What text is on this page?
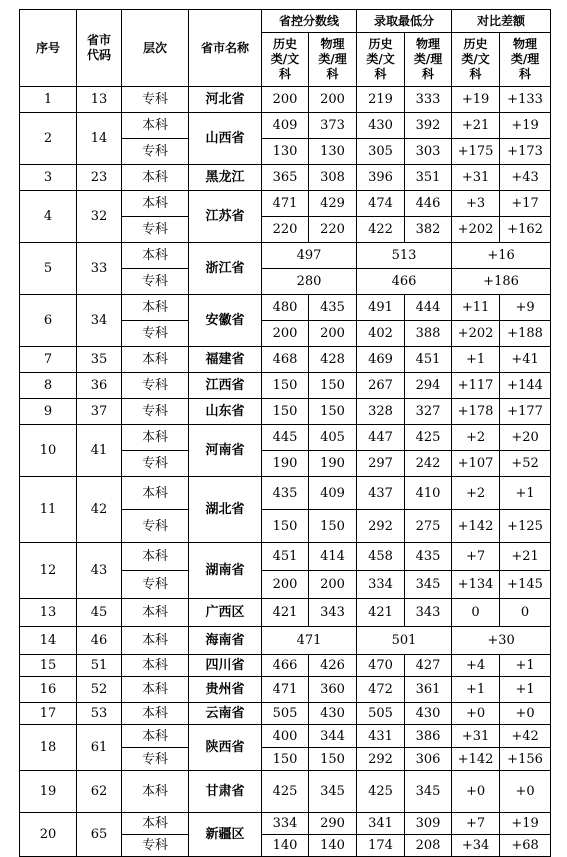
序号	省市代码	层次	省市名称	省控分数线		录取最低分		对比差额	
				历史类/文科	物理类/理科	历史类/文科	物理类/理科	历史类/文科	物理类/理科
1	13	专科	河北省	200	200	219	333	+19	+133
2	14	本科	山西省	409	373	430	392	+21	+19
		专科		130	130	305	303	+175	+173
3	23	本科	黑龙江	365	308	396	351	+31	+43
4	32	本科	江苏省	471	429	474	446	+3	+17
		专科		220	220	422	382	+202	+162
5	33	本科	浙江省	497		513		+16	
		专科		280		466		+186	
6	34	本科	安徽省	480	435	491	444	+11	+9
		专科		200	200	402	388	+202	+188
7	35	本科	福建省	468	428	469	451	+1	+41
8	36	专科	江西省	150	150	267	294	+117	+144
9	37	专科	山东省	150	150	328	327	+178	+177
10	41	本科	河南省	445	405	447	425	+2	+20
		专科		190	190	297	242	+107	+52
11	42	本科	湖北省	435	409	437	410	+2	+1
		专科		150	150	292	275	+142	+125
12	43	本科	湖南省	451	414	458	435	+7	+21
		专科		200	200	334	345	+134	+145
13	45	本科	广西区	421	343	421	343	0	0
14	46	本科	海南省	471		501		+30	
15	51	本科	四川省	466	426	470	427	+4	+1
16	52	本科	贵州省	471	360	472	361	+1	+1
17	53	本科	云南省	505	430	505	430	+0	+0
18	61	本科	陕西省	400	344	431	386	+31	+42
		专科		150	150	292	306	+142	+156
19	62	本科	甘肃省	425	345	425	345	+0	+0
20	65	本科	新疆区	334	290	341	309	+7	+19
		专科		140	140	174	208	+34	+68
